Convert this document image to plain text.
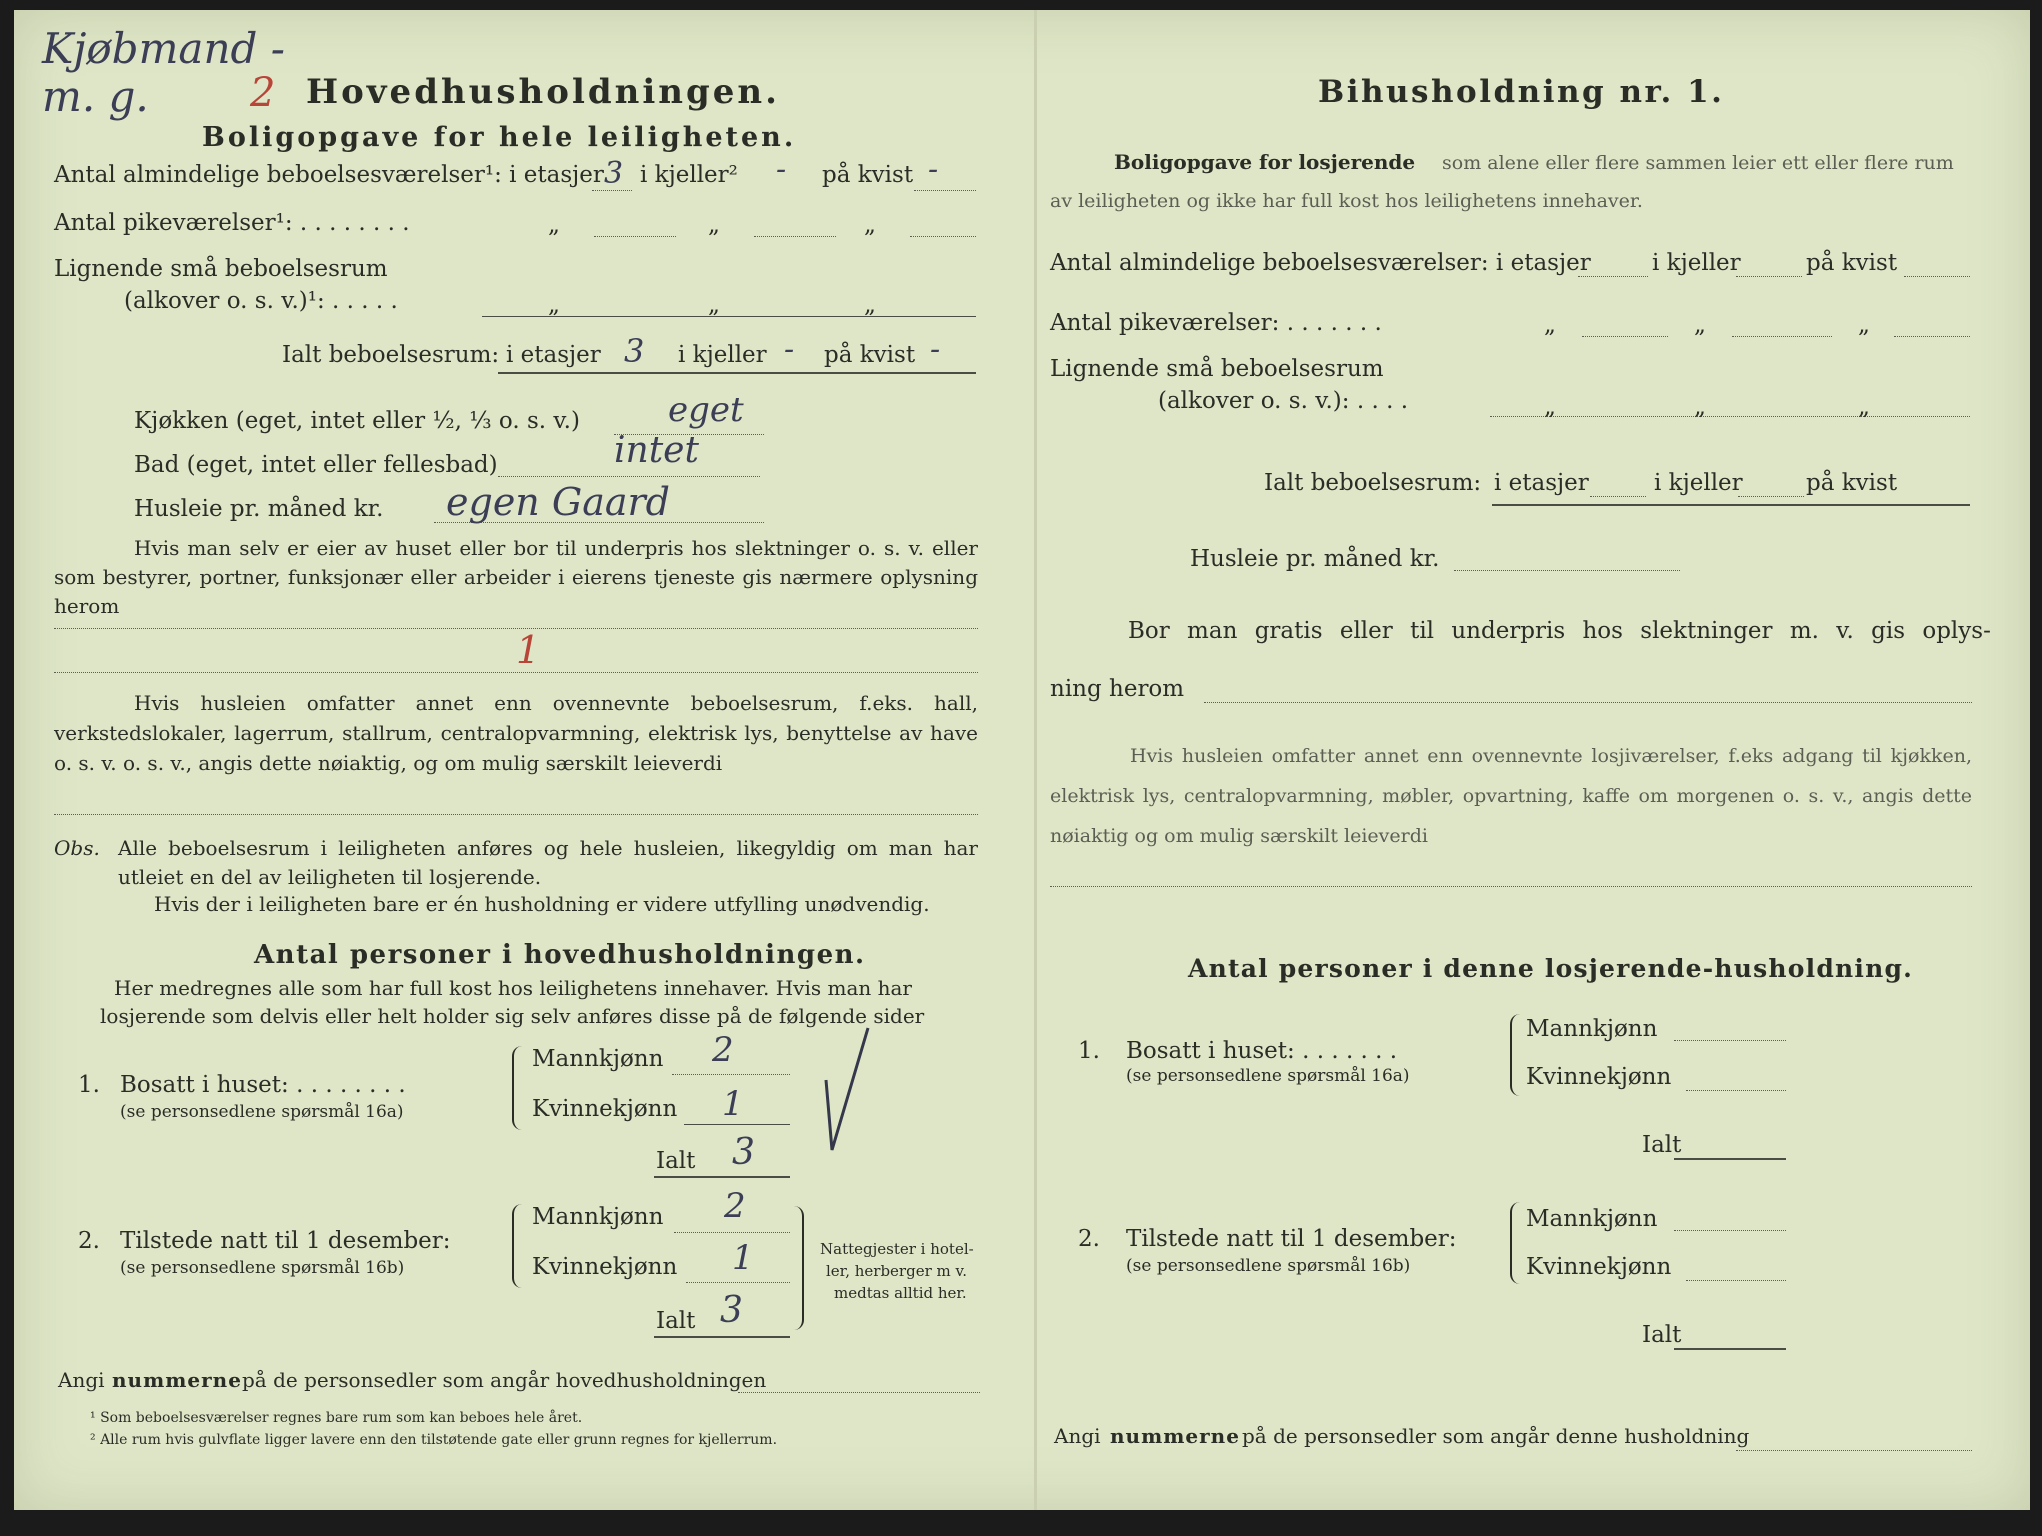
Kjøbmand -
m. g.	2 Hovedhusholdningen.
Boligopgave for hele leiligheten.
Antal almindelige beboelsesværelser¹: i etasjer 3 i kjeller² - på kvist -
Antal pikeværelser¹: . . . . . . . .	„	„	„
Lignende små beboelsesrum
(alkover o. s. v.)¹: . . . . .	„	„	„
Ialt beboelsesrum: i etasjer 3 i kjeller - på kvist -
Kjøkken (eget, intet eller ½, ⅓ o. s. v.)	eget
Bad (eget, intet eller fellesbad)	intet
Husleie pr. måned kr. egen Gaard
Hvis man selv er eier av huset eller bor til underpris hos slektninger o. s. v. eller som bestyrer, portner, funksjonær eller arbeider i eierens tjeneste gis nærmere oplysning herom
1
Hvis husleien omfatter annet enn ovennevnte beboelsesrum, f.eks. hall, verkstedslokaler, lagerrum, stallrum, centralopvarmning, elektrisk lys, benyttelse av have o. s. v. o. s. v., angis dette nøiaktig, og om mulig særskilt leieverdi
Obs. Alle beboelsesrum i leiligheten anføres og hele husleien, likegyldig om man har utleiet en del av leiligheten til losjerende.
Hvis der i leiligheten bare er én husholdning er videre utfylling unødvendig.
Antal personer i hovedhusholdningen.
Her medregnes alle som har full kost hos leilighetens innehaver. Hvis man har
losjerende som delvis eller helt holder sig selv anføres disse på de følgende sider
1. Bosatt i huset: . . . . . . . .
(se personsedlene spørsmål 16a)
Mannkjønn 2
Kvinnekjønn 1
Ialt 3
2. Tilstede natt til 1 desember:
(se personsedlene spørsmål 16b)
Mannkjønn 2
Kvinnekjønn 1
Ialt 3
Nattegjester i hotel-
ler, herberger m v.
medtas alltid her.
Angi nummerne på de personsedler som angår hovedhusholdningen
¹ Som beboelsesværelser regnes bare rum som kan beboes hele året.
² Alle rum hvis gulvflate ligger lavere enn den tilstøtende gate eller grunn regnes for kjellerrum.
Bihusholdning nr. 1.
Boligopgave for losjerende som alene eller flere sammen leier ett eller flere rum
av leiligheten og ikke har full kost hos leilighetens innehaver.
Antal almindelige beboelsesværelser: i etasjer	i kjeller	på kvist
Antal pikeværelser: . . . . . . .	„	„	„
Lignende små beboelsesrum
(alkover o. s. v.): . . . .	„	„	„
Ialt beboelsesrum: i etasjer	i kjeller	på kvist
Husleie pr. måned kr.
Bor man gratis eller til underpris hos slektninger m. v. gis oplys-
ning herom
Hvis husleien omfatter annet enn ovennevnte losjiværelser, f.eks adgang til kjøkken, elektrisk lys, centralopvarmning, møbler, opvartning, kaffe om morgenen o. s. v., angis dette nøiaktig og om mulig særskilt leieverdi
Antal personer i denne losjerende-husholdning.
1. Bosatt i huset: . . . . . . .
(se personsedlene spørsmål 16a)
Mannkjønn
Kvinnekjønn
Ialt
2. Tilstede natt til 1 desember:
(se personsedlene spørsmål 16b)
Mannkjønn
Kvinnekjønn
Ialt
Angi nummerne på de personsedler som angår denne husholdning
